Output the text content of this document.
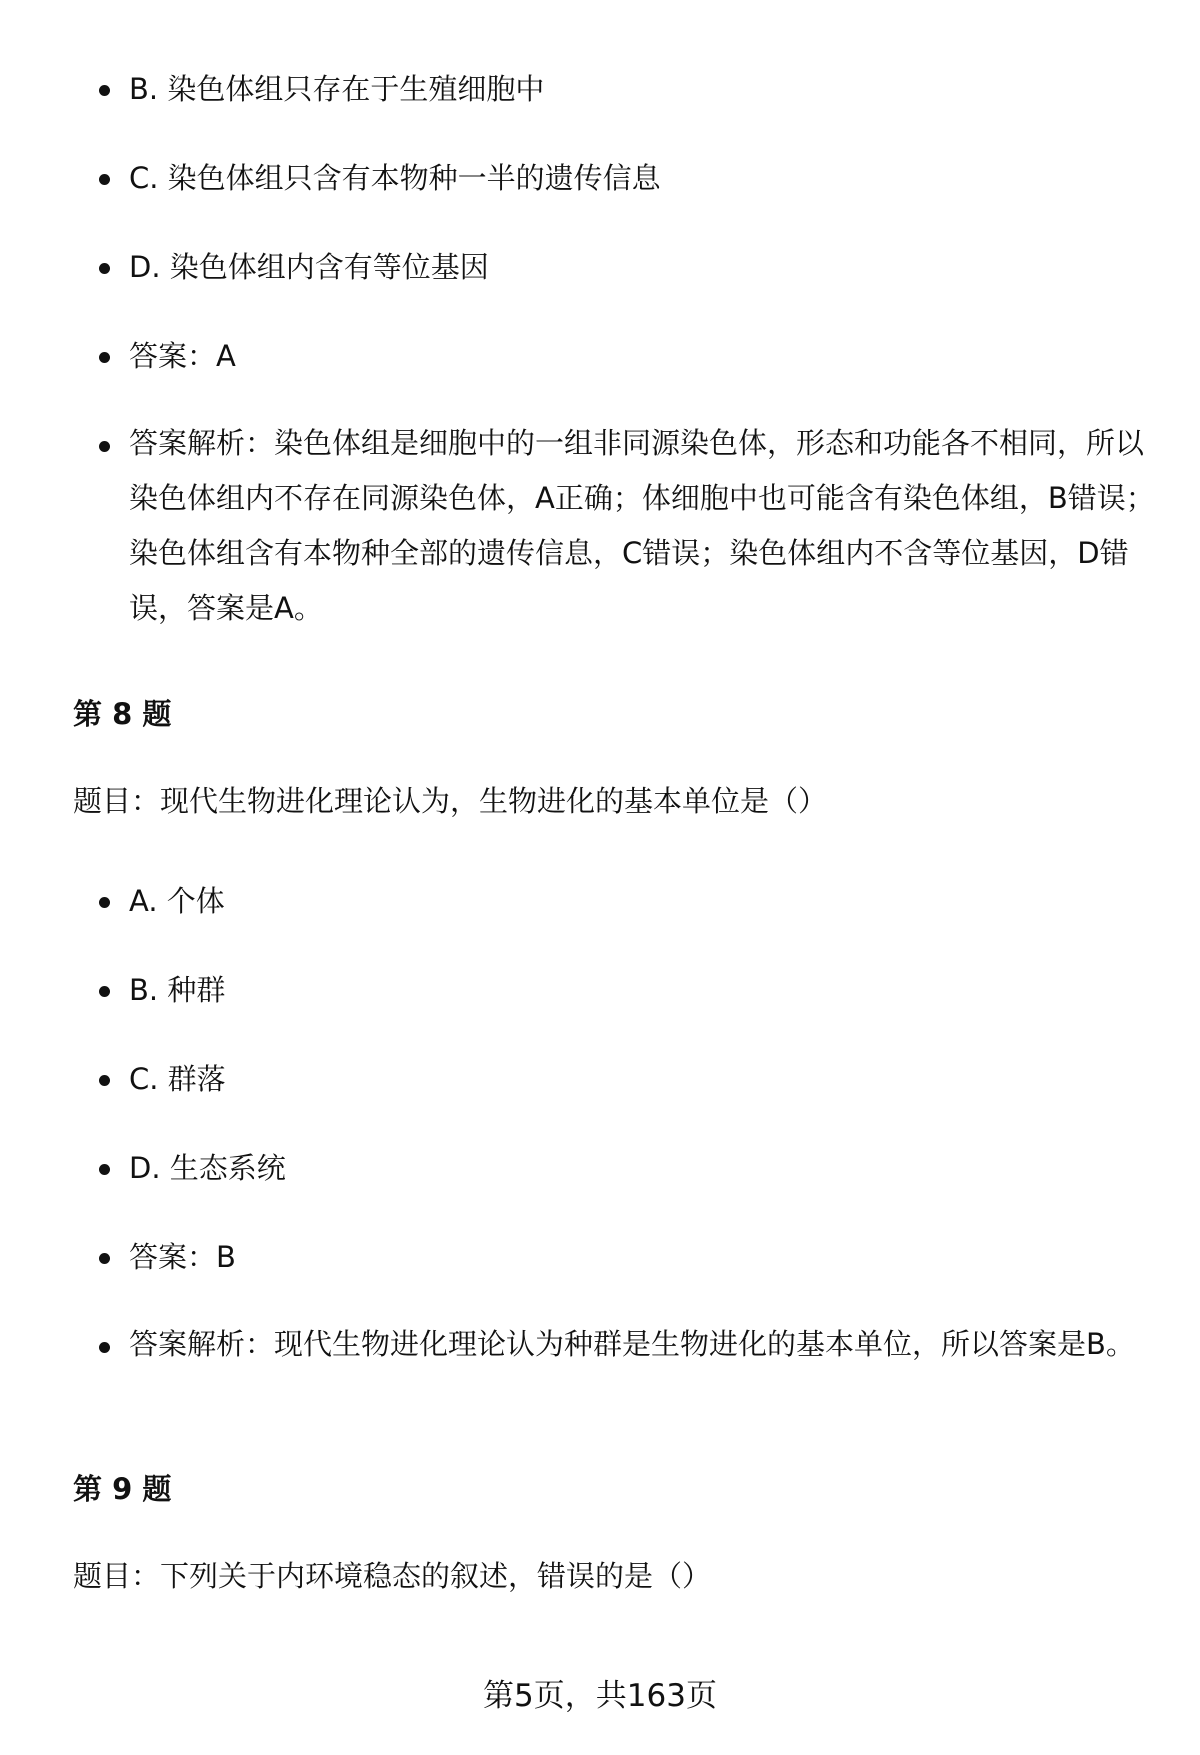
B. 染色体组只存在于生殖细胞中
C. 染色体组只含有本物种一半的遗传信息
D. 染色体组内含有等位基因
答案：A
答案解析：染色体组是细胞中的一组非同源染色体，形态和功能各不相同，所以染色体组内不存在同源染色体，A正确；体细胞中也可能含有染色体组，B错误；染色体组含有本物种全部的遗传信息，C错误；染色体组内不含等位基因，D错误，答案是A。
第 8 题
题目：现代生物进化理论认为，生物进化的基本单位是（）
A. 个体
B. 种群
C. 群落
D. 生态系统
答案：B
答案解析：现代生物进化理论认为种群是生物进化的基本单位，所以答案是B。
第 9 题
题目：下列关于内环境稳态的叙述，错误的是（）
第5页，共163页
